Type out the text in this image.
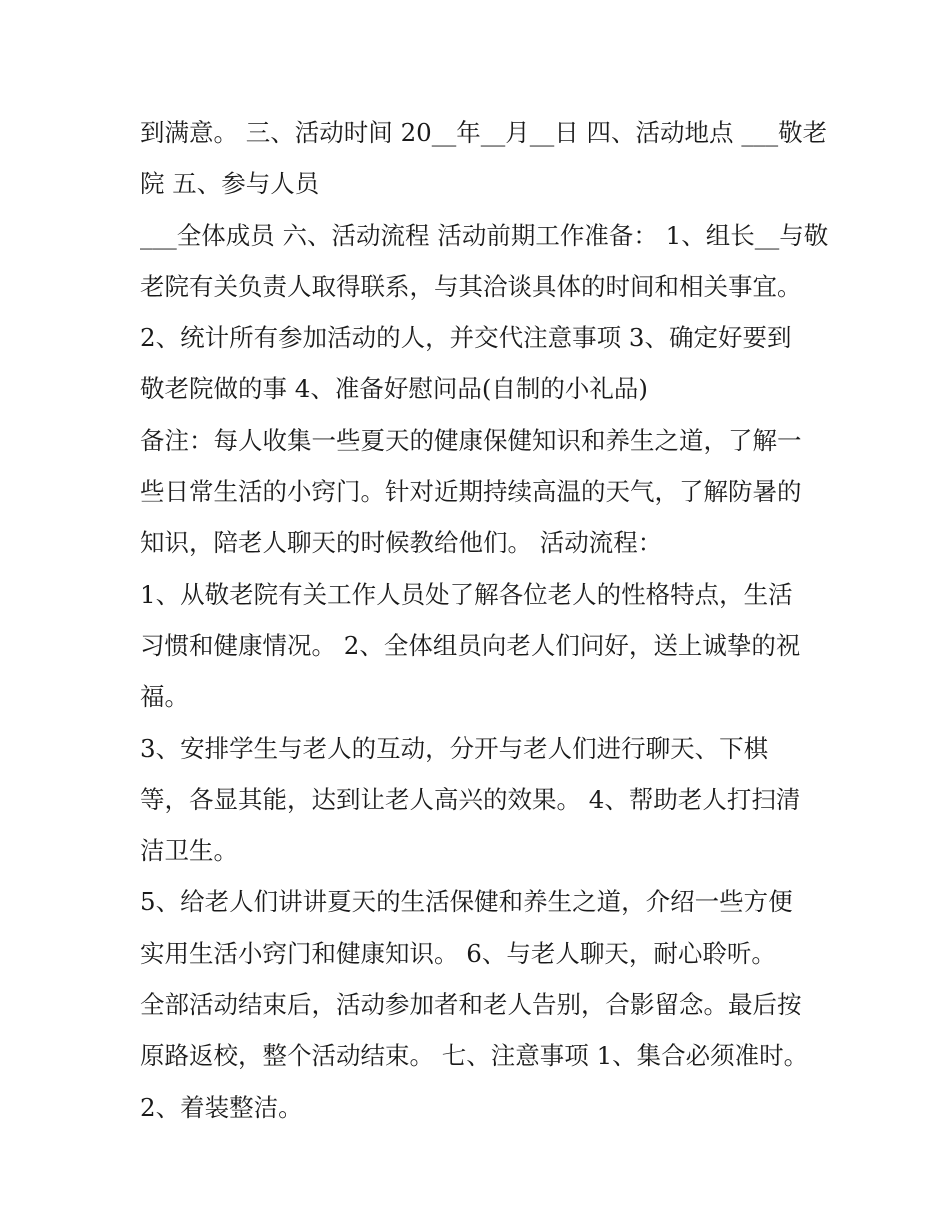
到满意。 三、活动时间 20__年__月__日 四、活动地点 ___敬老
院 五、参与人员
___全体成员 六、活动流程 活动前期工作准备： 1、组长__与敬
老院有关负责人取得联系，与其洽谈具体的时间和相关事宜。
2、统计所有参加活动的人，并交代注意事项 3、确定好要到
敬老院做的事 4、准备好慰问品(自制的小礼品)
备注：每人收集一些夏天的健康保健知识和养生之道，了解一
些日常生活的小窍门。针对近期持续高温的天气，了解防暑的
知识，陪老人聊天的时候教给他们。 活动流程：
1、从敬老院有关工作人员处了解各位老人的性格特点，生活
习惯和健康情况。 2、全体组员向老人们问好，送上诚挚的祝
福。
3、安排学生与老人的互动，分开与老人们进行聊天、下棋
等，各显其能，达到让老人高兴的效果。 4、帮助老人打扫清
洁卫生。
5、给老人们讲讲夏天的生活保健和养生之道，介绍一些方便
实用生活小窍门和健康知识。 6、与老人聊天，耐心聆听。
全部活动结束后，活动参加者和老人告别，合影留念。最后按
原路返校，整个活动结束。 七、注意事项 1、集合必须准时。
2、着装整洁。
